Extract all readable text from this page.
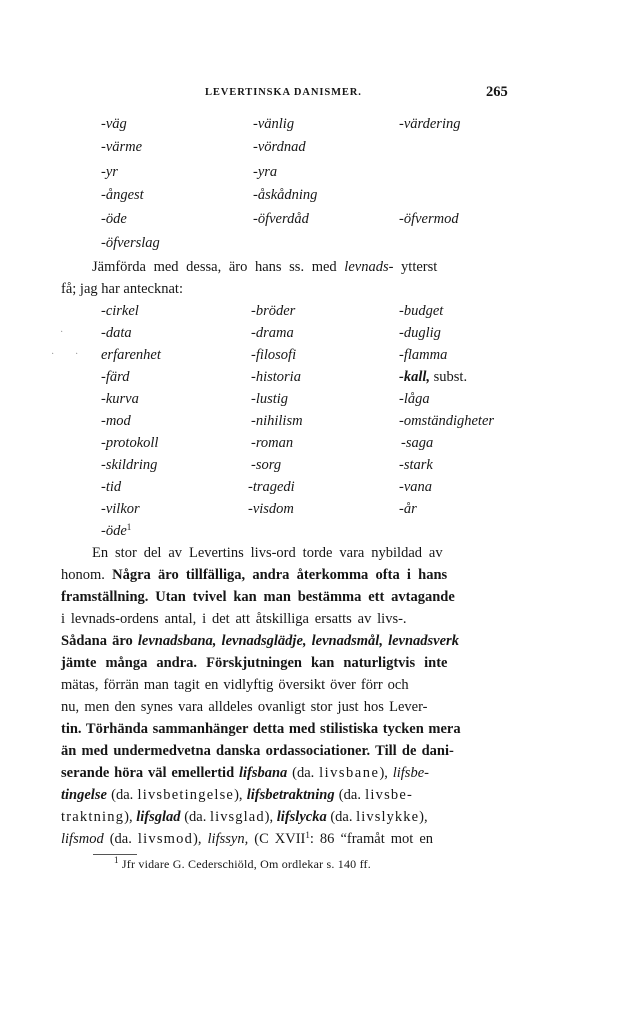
LEVERTINSKA DANISMER.	265
-väg
-värme
-yr
-ångest
-öde
-öfverslag
-vänlig
-vördnad
-yra
-åskådning
-öfverdåd
-värdering
-öfvermod
Jämförda med dessa, äro hans ss. med levnads- ytterst
få; jag har antecknat:
-cirkel
-data
erfarenhet
-färd
-kurva
-mod
-protokoll
-skildring
-tid
-vilkor
-öde$^1$
-bröder
-drama
-filosofi
-historia
-lustig
-nihilism
-roman
-sorg
-tragedi
-visdom
-budget
-duglig
-flamma
-kall, subst.
-låga
-omständigheter
-saga
-stark
-vana
-år
·
· ·
En stor del av Levertins livs-ord torde vara nybildad av
honom. Några äro tillfälliga, andra återkomma ofta i hans
framställning. Utan tvivel kan man bestämma ett avtagande
i levnads-ordens antal, i det att åtskilliga ersatts av livs-.
Sådana äro levnadsbana, levnadsglädje, levnadsmål, levnadsverk
jämte många andra. Förskjutningen kan naturligtvis inte
mätas, förrän man tagit en vidlyftig översikt över förr och
nu, men den synes vara alldeles ovanligt stor just hos Lever-
tin. Törhända sammanhänger detta med stilistiska tycken mera
än med undermedvetna danska ordassociationer. Till de dani-
serande höra väl emellertid lifsbana (da. livsbane), lifsbe-
tingelse (da. livsbetingelse), lifsbetraktning (da. livsbe-
traktning), lifsglad (da. livsglad), lifslycka (da. livslykke),
lifsmod (da. livsmod), lifssyn, (C XVII$^1$: 86 “framåt mot en
$^1$ Jfr vidare G. Cederschiöld, Om ordlekar s. 140 ff.
